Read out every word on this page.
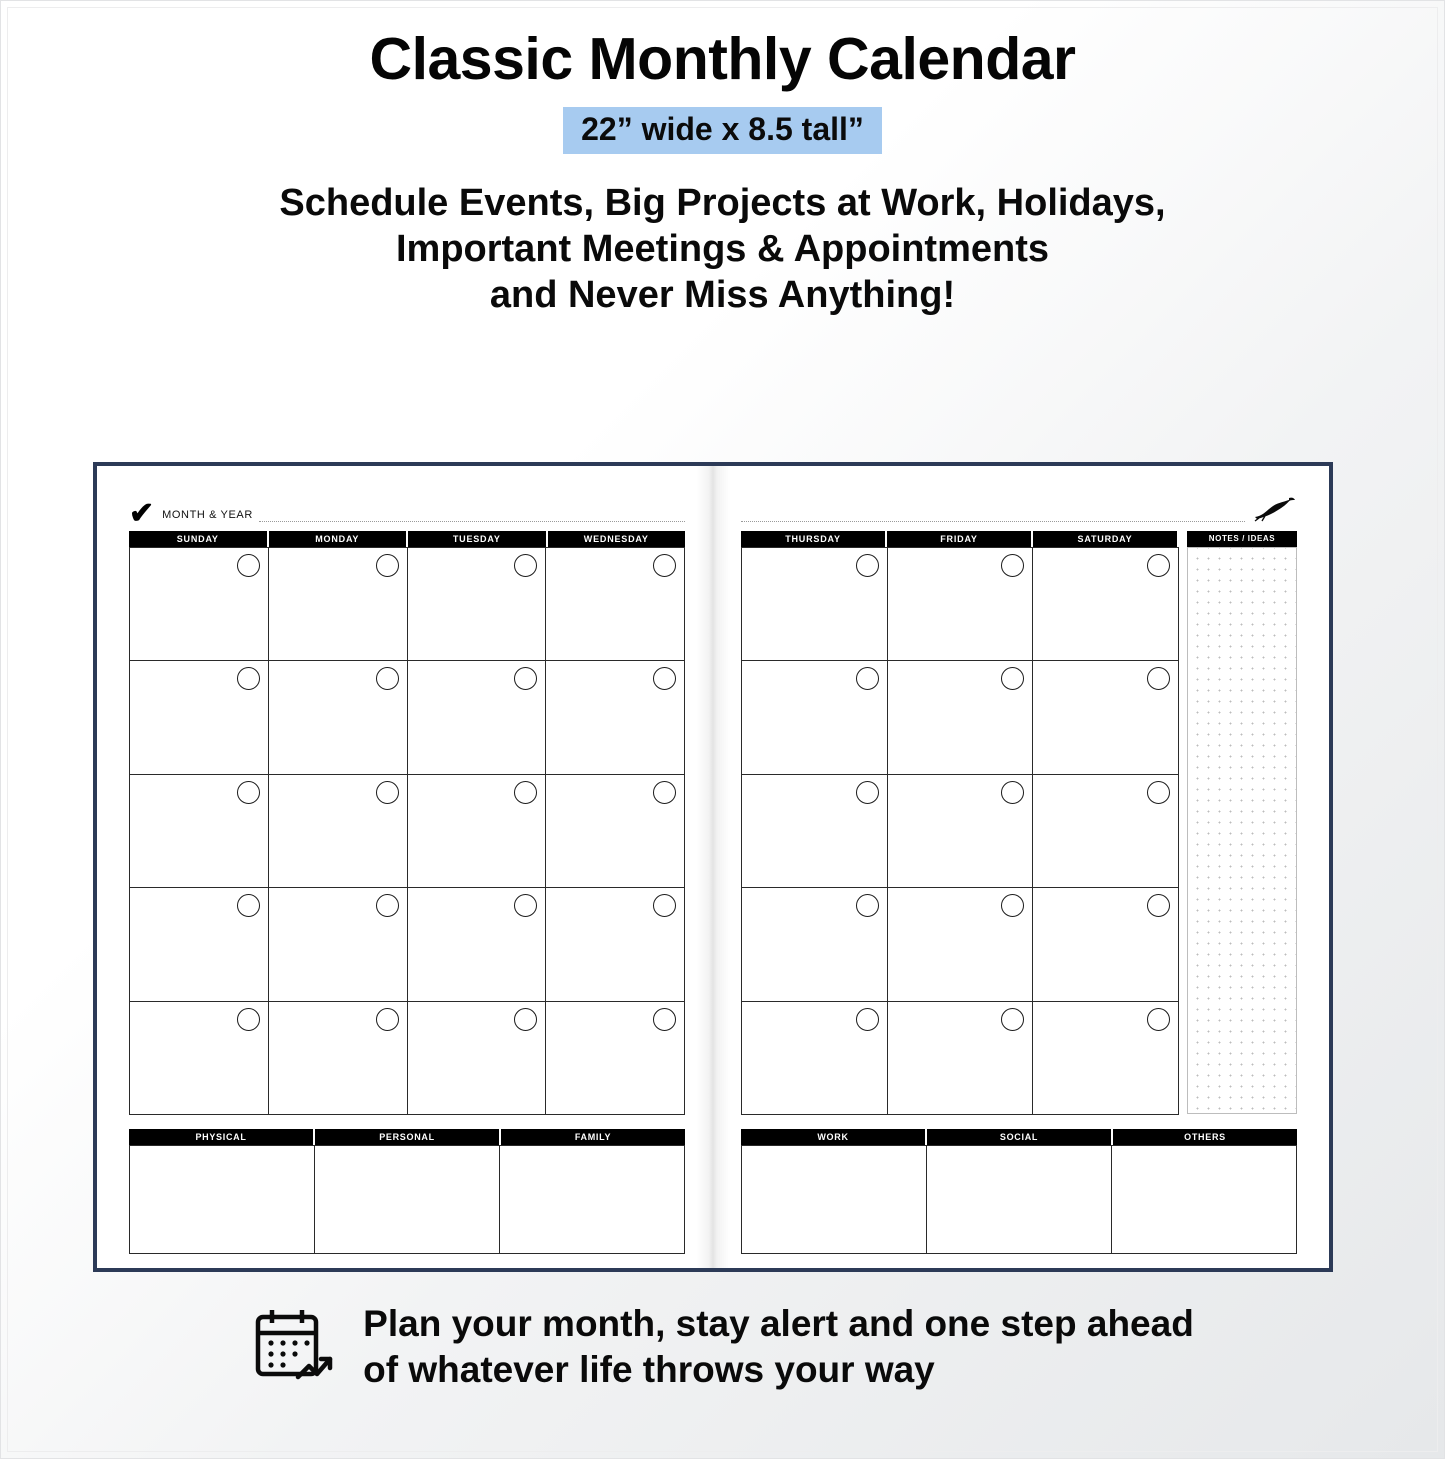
Classic Monthly Calendar
22” wide x 8.5 tall”
Schedule Events, Big Projects at Work, Holidays,
Important Meetings & Appointments
and Never Miss Anything!
✔ MONTH & YEAR
SUNDAY	MONDAY	TUESDAY	WEDNESDAY
PHYSICAL	PERSONAL	FAMILY
THURSDAY	FRIDAY	SATURDAY	NOTES / IDEAS
WORK	SOCIAL	OTHERS
Plan your month, stay alert and one step ahead
of whatever life throws your way
